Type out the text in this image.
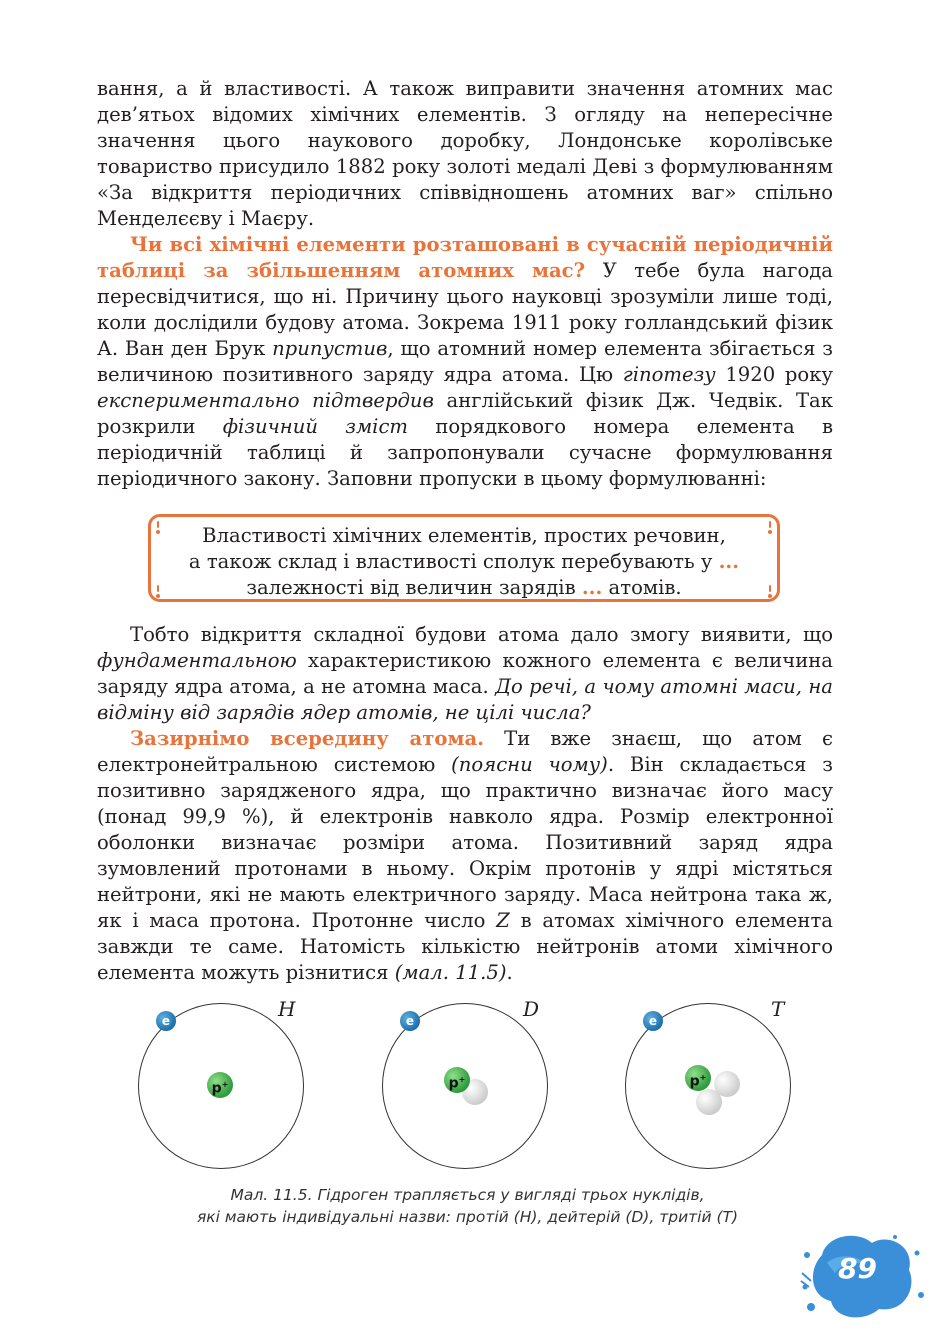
вання, а й властивості. А також виправити значення атомних мас дев’ятьох відомих хімічних елементів. З огляду на непересічне значення цього наукового доробку, Лондонське королівське товариство присудило 1882 року золоті медалі Деві з формулюванням «За відкриття періодичних співвідношень атомних ваг» спільно Менделєєву і Маєру.

Чи всі хімічні елементи розташовані в сучасній періодичній таблиці за збільшенням атомних мас? У тебе була нагода пересвідчитися, що ні. Причину цього науковці зрозуміли лише тоді, коли дослідили будову атома. Зокрема 1911 року голландський фізик А. Ван ден Брук припустив, що атомний номер елемента збігається з величиною позитивного заряду ядра атома. Цю гіпотезу 1920 року експериментально підтвердив англійський фізик Дж. Чедвік. Так розкрили фізичний зміст порядкового номера елемента в періодичній таблиці й запропонували сучасне формулювання періодичного закону. Заповни пропуски в цьому формулюванні:

Властивості хімічних елементів, простих речовин,
а також склад і властивості сполук перебувають у ...
залежності від величин зарядів ... атомів.

Тобто відкриття складної будови атома дало змогу виявити, що фундаментальною характеристикою кожного елемента є величина заряду ядра атома, а не атомна маса. До речі, а чому атомні маси, на відміну від зарядів ядер атомів, не цілі числа?

Зазирнімо всередину атома. Ти вже знаєш, що атом є електронейтральною системою (поясни чому). Він складається з позитивно зарядженого ядра, що практично визначає його масу (понад 99,9 %), й електронів навколо ядра. Розмір електронної оболонки визначає розміри атома. Позитивний заряд ядра зумовлений протонами в ньому. Окрім протонів у ядрі містяться нейтрони, які не мають електричного заряду. Маса нейтрона така ж, як і маса протона. Протонне число Z в атомах хімічного елемента завжди те саме. Натомість кількістю нейтронів атоми хімічного елемента можуть різнитися (мал. 11.5).

e
p+
H	e
p+
D	e
p+
T
Мал. 11.5. Гідроген трапляється у вигляді трьох нуклідів,
які мають індивідуальні назви: протій (H), дейтерій (D), тритій (T)
89
